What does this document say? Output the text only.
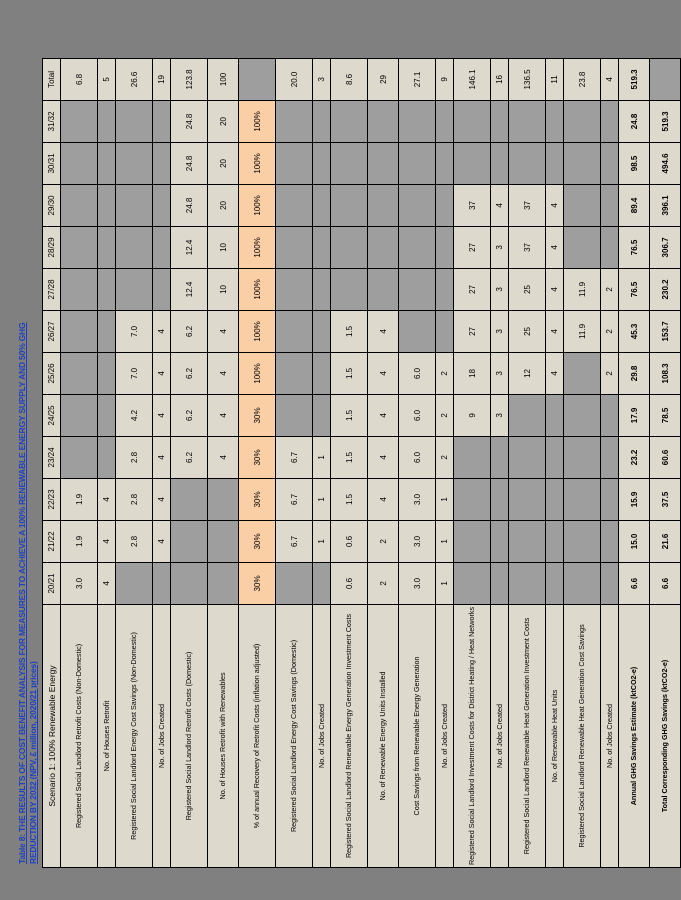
Table 8: THE RESULTS OF COST BENEFIT ANALYSIS FOR MEASURES TO ACHIEVE A 100% RENEWABLE ENERGY SUPPLY AND 50% GHG REDUCTION BY 2032 (NPV, £ million, 2020/21 prices) Scenario 1: 100% Renewable Energy	20/21	21/22	22/23	23/24	24/25	25/26	26/27	27/28	28/29	29/30	30/31	31/32	Total
Registered Social Landlord Retrofit Costs (Non-Domestic)	3.0	1.9	1.9										6.8
No. of Houses Retrofit	4	4	4										5
Registered Social Landlord Energy Cost Savings (Non-Domestic)		2.8	2.8	2.8	4.2	7.0	7.0						26.6
No. of Jobs Created		4	4	4	4	4	4						19
Registered Social Landlord Retrofit Costs (Domestic)				6.2	6.2	6.2	6.2	12.4	12.4	24.8	24.8	24.8	123.8
No. of Houses Retrofit with Renewables				4	4	4	4	10	10	20	20	20	100
% of annual Recovery of Retrofit Costs (inflation adjusted)	30%	30%	30%	30%	30%	100%	100%	100%	100%	100%	100%	100%	
Registered Social Landlord Energy Cost Savings (Domestic)		6.7	6.7	6.7									20.0
No. of Jobs Created		1	1	1									3
Registered Social Landlord Renewable Energy Generation Investment Costs	0.6	0.6	1.5	1.5	1.5	1.5	1.5						8.6
No. of Renewable Energy Units Installed	2	2	4	4	4	4	4						29
Cost Savings from Renewable Energy Generation	3.0	3.0	3.0	6.0	6.0	6.0							27.1
No. of Jobs Created	1	1	1	2	2	2							9
Registered Social Landlord Investment Costs for District Heating / Heat Networks					9	18	27	27	27	37			146.1
No. of Jobs Created					3	3	3	3	3	4			16
Registered Social Landlord Renewable Heat Generation Investment Costs						12	25	25	37	37			136.5
No. of Renewable Heat Units						4	4	4	4	4			11
Registered Social Landlord Renewable Heat Generation Cost Savings							11.9	11.9					23.8
No. of Jobs Created						2	2	2					4
Annual GHG Savings Estimate (ktCO2-e)	6.6	15.0	15.9	23.2	17.9	29.8	45.3	76.5	76.5	89.4	98.5	24.8	519.3
Total Corresponding GHG Savings (ktCO2-e)	6.6	21.6	37.5	60.6	78.5	108.3	153.7	230.2	306.7	396.1	494.6	519.3	
